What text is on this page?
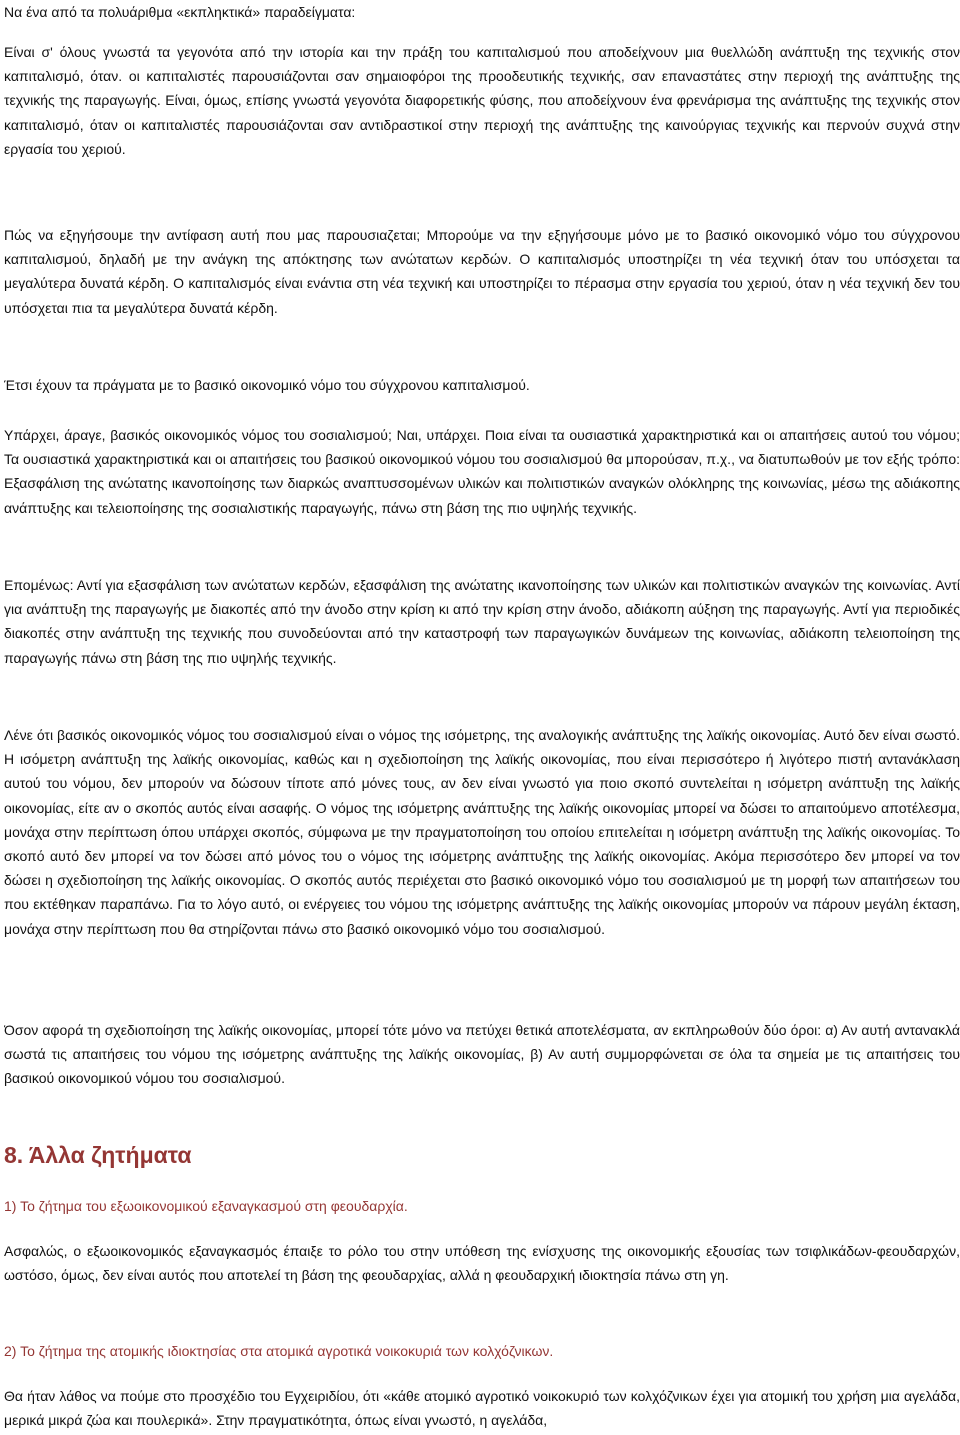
Να ένα από τα πολυάριθμα «εκπληκτικά» παραδείγματα:
Είναι σ' όλους γνωστά τα γεγονότα από την ιστορία και την πράξη του καπιταλισμού που αποδείχνουν μια θυελλώδη ανάπτυξη της τεχνικής στον καπιταλισμό, όταν. οι καπιταλιστές παρουσιάζονται σαν σημαιοφόροι της προοδευτικής τεχνικής, σαν επαναστάτες στην περιοχή της ανάπτυξης της τεχνικής της παραγωγής. Είναι, όμως, επίσης γνωστά γεγονότα διαφορετικής φύσης, που αποδείχνουν ένα φρενάρισμα της ανάπτυξης της τεχνικής στον καπιταλισμό, όταν οι καπιταλιστές παρουσιάζονται σαν αντιδραστικοί στην περιοχή της ανάπτυξης της καινούργιας τεχνικής και περνούν συχνά στην εργασία του χεριού.
Πώς να εξηγήσουμε την αντίφαση αυτή που μας παρουσιαζεται; Μπορούμε να την εξηγήσουμε μόνο με το βασικό οικονομικό νόμο του σύγχρονου καπιταλισμού, δηλαδή με την ανάγκη της απόκτησης των ανώτατων κερδών. Ο καπιταλισμός υποστηρίζει τη νέα τεχνική όταν του υπόσχεται τα μεγαλύτερα δυνατά κέρδη. Ο καπιταλισμός είναι ενάντια στη νέα τεχνική και υποστηρίζει το πέρασμα στην εργασία του χεριού, όταν η νέα τεχνική δεν του υπόσχεται πια τα μεγαλύτερα δυνατά κέρδη.
Έτσι έχουν τα πράγματα με το βασικό οικονομικό νόμο του σύγχρονου καπιταλισμού.
Υπάρχει, άραγε, βασικός οικονομικός νόμος του σοσιαλισμού; Ναι, υπάρχει. Ποια είναι τα ουσιαστικά χαρακτηριστικά και οι απαιτήσεις αυτού του νόμου; Τα ουσιαστικά χαρακτηριστικά και οι απαιτήσεις του βασικού οικονομικού νόμου του σοσιαλισμού θα μπορούσαν, π.χ., να διατυπωθούν με τον εξής τρόπο: Εξασφάλιση της ανώτατης ικανοποίησης των διαρκώς αναπτυσσομένων υλικών και πολιτιστικών αναγκών ολόκληρης της κοινωνίας, μέσω της αδιάκοπης ανάπτυξης και τελειοποίησης της σοσιαλιστικής παραγωγής, πάνω στη βάση της πιο υψηλής τεχνικής.
Επομένως: Αντί για εξασφάλιση των ανώτατων κερδών, εξασφάλιση της ανώτατης ικανοποίησης των υλικών και πολιτιστικών αναγκών της κοινωνίας. Αντί για ανάπτυξη της παραγωγής με διακοπές από την άνοδο στην κρίση κι από την κρίση στην άνοδο, αδιάκοπη αύξηση της παραγωγής. Αντί για περιοδικές διακοπές στην ανάπτυξη της τεχνικής που συνοδεύονται από την καταστροφή των παραγωγικών δυνάμεων της κοινωνίας, αδιάκοπη τελειοποίηση της παραγωγής πάνω στη βάση της πιο υψηλής τεχνικής.
Λένε ότι βασικός οικονομικός νόμος του σοσιαλισμού είναι ο νόμος της ισόμετρης, της αναλογικής ανάπτυξης της λαϊκής οικονομίας. Αυτό δεν είναι σωστό. Η ισόμετρη ανάπτυξη της λαϊκής οικονομίας, καθώς και η σχεδιοποίηση της λαϊκής οικονομίας, που είναι περισσότερο ή λιγότερο πιστή αντανάκλαση αυτού του νόμου, δεν μπορούν να δώσουν τίποτε από μόνες τους, αν δεν είναι γνωστό για ποιο σκοπό συντελείται η ισόμετρη ανάπτυξη της λαϊκής οικονομίας, είτε αν ο σκοπός αυτός είναι ασαφής. Ο νόμος της ισόμετρης ανάπτυξης της λαϊκής οικονομίας μπορεί να δώσει το απαιτούμενο αποτέλεσμα, μονάχα στην περίπτωση όπου υπάρχει σκοπός, σύμφωνα με την πραγματοποίηση του οποίου επιτελείται η ισόμετρη ανάπτυξη της λαϊκής οικονομίας. Το σκοπό αυτό δεν μπορεί να τον δώσει από μόνος του ο νόμος της ισόμετρης ανάπτυξης της λαϊκής οικονομίας. Ακόμα περισσότερο δεν μπορεί να τον δώσει η σχεδιοποίηση της λαϊκής οικονομίας. Ο σκοπός αυτός περιέχεται στο βασικό οικονομικό νόμο του σοσιαλισμού με τη μορφή των απαιτήσεων του που εκτέθηκαν παραπάνω. Για το λόγο αυτό, οι ενέργειες του νόμου της ισόμετρης ανάπτυξης της λαϊκής οικονομίας μπορούν να πάρουν μεγάλη έκταση, μονάχα στην περίπτωση που θα στηρίζονται πάνω στο βασικό οικονομικό νόμο του σοσιαλισμού.
Όσον αφορά τη σχεδιοποίηση της λαϊκής οικονομίας, μπορεί τότε μόνο να πετύχει θετικά αποτελέσματα, αν εκπληρωθούν δύο όροι: α) Αν αυτή αντανακλά σωστά τις απαιτήσεις του νόμου της ισόμετρης ανάπτυξης της λαϊκής οικονομίας, β) Αν αυτή συμμορφώνεται σε όλα τα σημεία με τις απαιτήσεις του βασικού οικονομικού νόμου του σοσιαλισμού.
8. Άλλα ζητήματα
1) Το ζήτημα του εξωοικονομικού εξαναγκασμού στη φεουδαρχία.
Ασφαλώς, ο εξωοικονομικός εξαναγκασμός έπαιξε το ρόλο του στην υπόθεση της ενίσχυσης της οικονομικής εξουσίας των τσιφλικάδων-φεουδαρχών, ωστόσο, όμως, δεν είναι αυτός που αποτελεί τη βάση της φεουδαρχίας, αλλά η φεουδαρχική ιδιοκτησία πάνω στη γη.
2) Το ζήτημα της ατομικής ιδιοκτησίας στα ατομικά αγροτικά νοικοκυριά των κολχόζνικων.
Θα ήταν λάθος να πούμε στο προσχέδιο του Εγχειριδίου, ότι «κάθε ατομικό αγροτικό νοικοκυριό των κολχόζνικων έχει για ατομική του χρήση μια αγελάδα, μερικά μικρά ζώα και πουλερικά». Στην πραγματικότητα, όπως είναι γνωστό, η αγελάδα,
